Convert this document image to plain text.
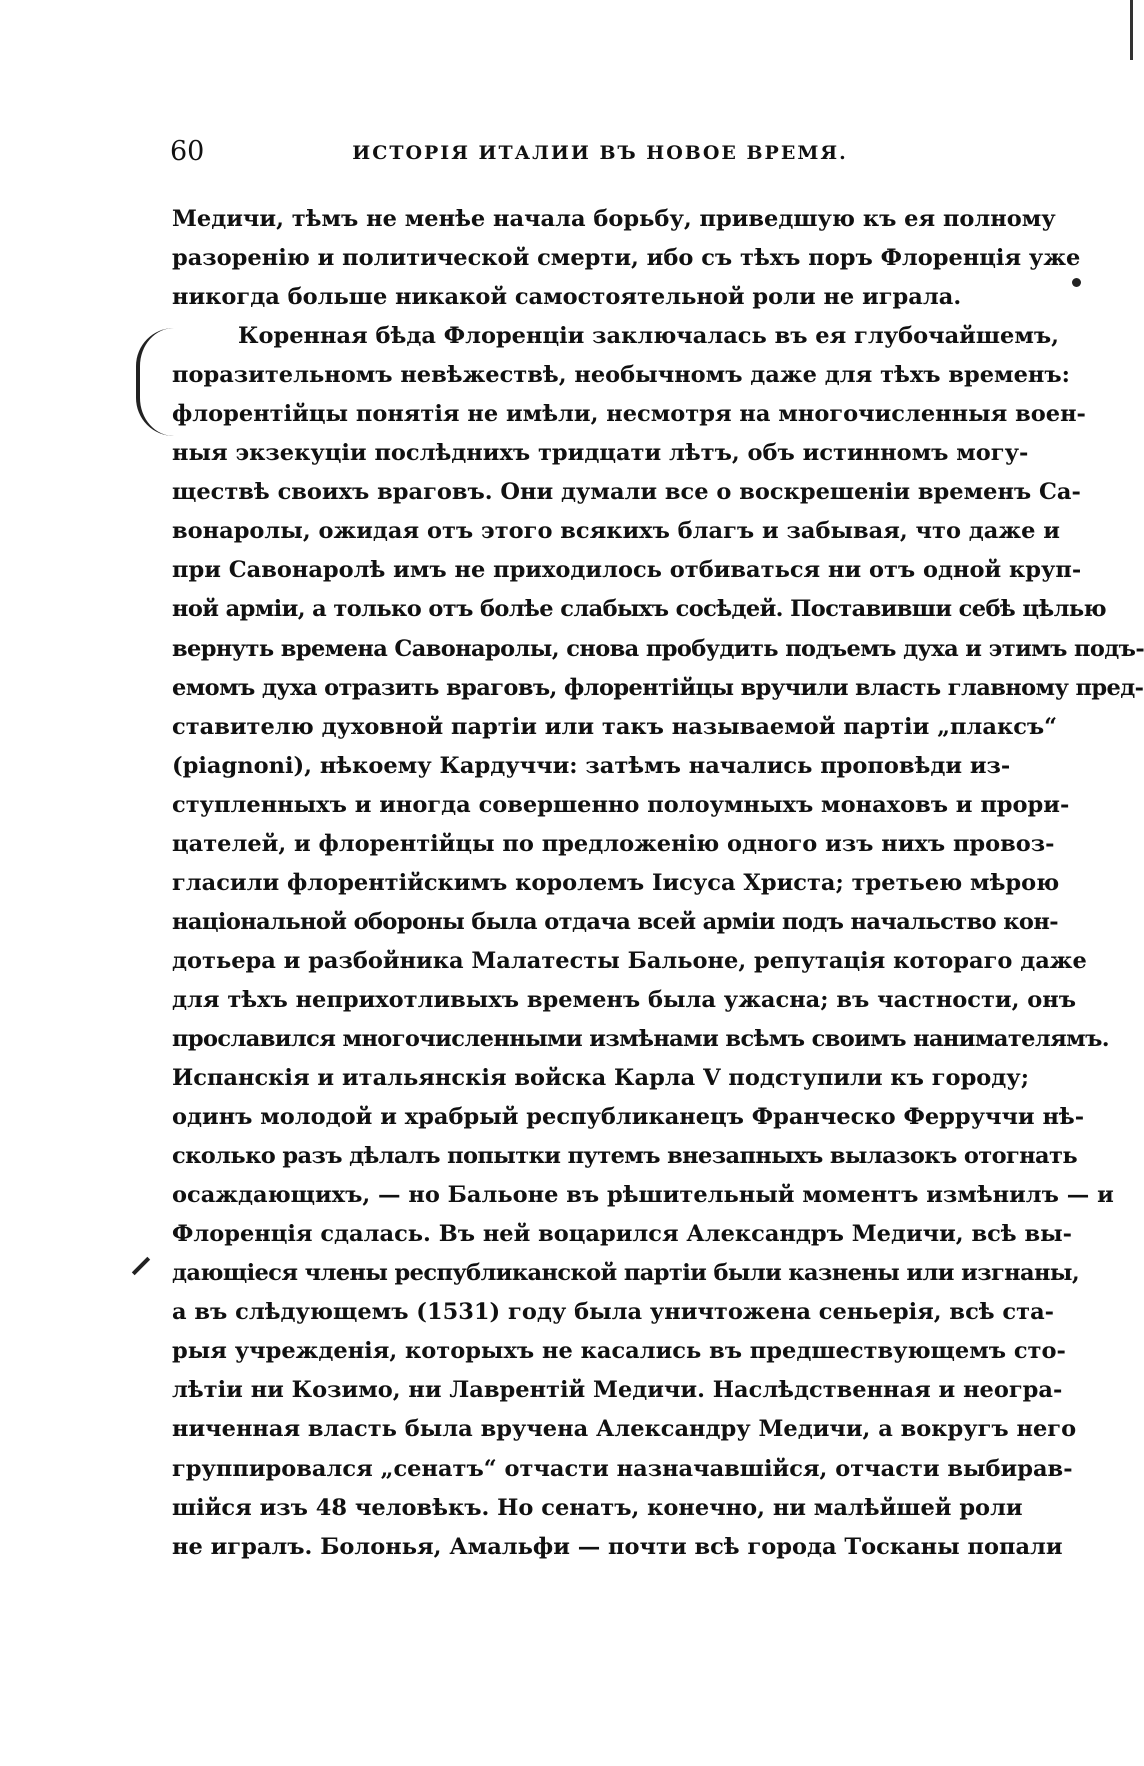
60	ИСТОРІЯ ИТАЛИИ ВЪ НОВОЕ ВРЕМЯ.
Медичи, тѣмъ не менѣе начала борьбу, приведшую къ ея полному
разоренію и политической смерти, ибо съ тѣхъ поръ Флоренція уже
никогда больше никакой самостоятельной роли не играла.
Коренная бѣда Флоренціи заключалась въ ея глубочайшемъ,
поразительномъ невѣжествѣ, необычномъ даже для тѣхъ временъ:
флорентійцы понятія не имѣли, несмотря на многочисленныя воен-
ныя экзекуціи послѣднихъ тридцати лѣтъ, объ истинномъ могу-
ществѣ своихъ враговъ. Они думали все о воскрешеніи временъ Са-
вонаролы, ожидая отъ этого всякихъ благъ и забывая, что даже и
при Савонаролѣ имъ не приходилось отбиваться ни отъ одной круп-
ной арміи, а только отъ болѣе слабыхъ сосѣдей. Поставивши себѣ цѣлью
вернуть времена Савонаролы, снова пробудить подъемъ духа и этимъ подъ-
емомъ духа отразить враговъ, флорентійцы вручили власть главному пред-
ставителю духовной партіи или такъ называемой партіи „плаксъ“
(piagnoni), нѣкоему Кардуччи: затѣмъ начались проповѣди из-
ступленныхъ и иногда совершенно полоумныхъ монаховъ и прори-
цателей, и флорентійцы по предложенію одного изъ нихъ провоз-
гласили флорентійскимъ королемъ Іисуса Христа; третьею мѣрою
національной обороны была отдача всей арміи подъ начальство кон-
дотьера и разбойника Малатесты Бальоне, репутація котораго даже
для тѣхъ неприхотливыхъ временъ была ужасна; въ частности, онъ
прославился многочисленными измѣнами всѣмъ своимъ нанимателямъ.
Испанскія и итальянскія войска Карла V подступили къ городу;
одинъ молодой и храбрый республиканецъ Франческо Ферруччи нѣ-
сколько разъ дѣлалъ попытки путемъ внезапныхъ вылазокъ отогнать
осаждающихъ, — но Бальоне въ рѣшительный моментъ измѣнилъ — и
Флоренція сдалась. Въ ней воцарился Александръ Медичи, всѣ вы-
дающіеся члены республиканской партіи были казнены или изгнаны,
а въ слѣдующемъ (1531) году была уничтожена сеньерія, всѣ ста-
рыя учрежденія, которыхъ не касались въ предшествующемъ сто-
лѣтіи ни Козимо, ни Лаврентій Медичи. Наслѣдственная и неогра-
ниченная власть была вручена Александру Медичи, а вокругъ него
группировался „сенатъ“ отчасти назначавшійся, отчасти выбирав-
шійся изъ 48 человѣкъ. Но сенатъ, конечно, ни малѣйшей роли
не игралъ. Болонья, Амальфи — почти всѣ города Тосканы попали
